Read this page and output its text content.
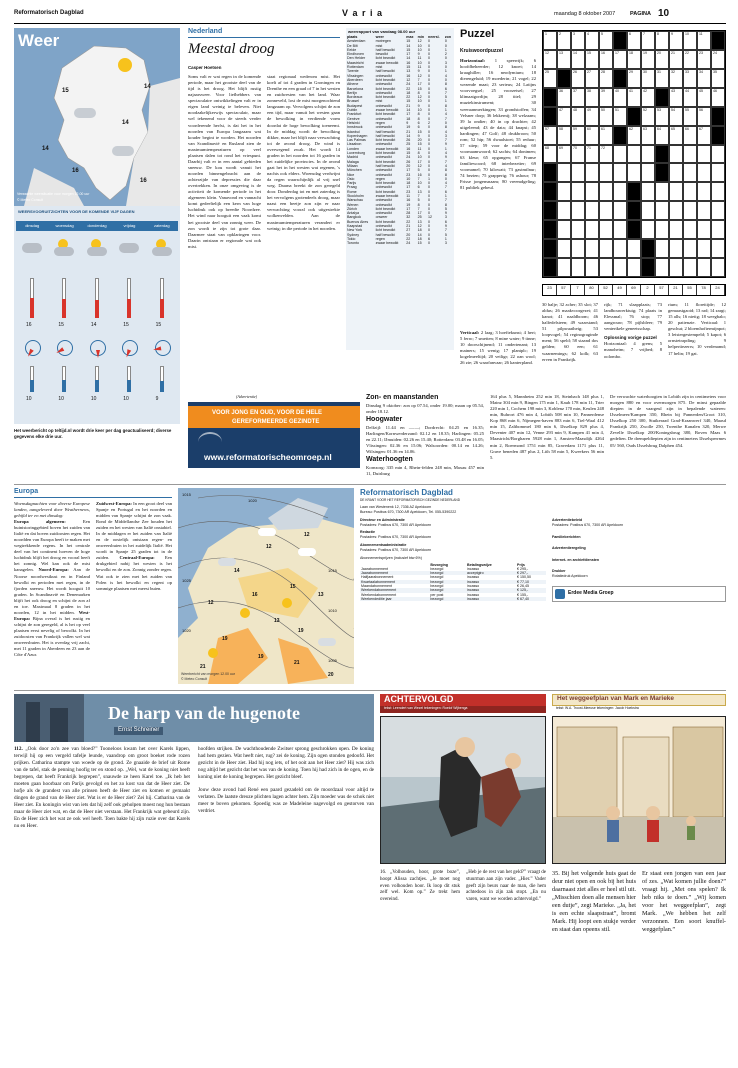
Reformatorisch Dagblad	V a r i a	maandag 8 oktober 2007	PAGINA 10
Weer
15
14
14
14
16
16
Verwachte weersituatie voor morgen 12.00 uur
© Meteo Consult
WEERSVOORUITZICHTEN VOOR DE KOMENDE VIJF DAGEN
dinsdag	woensdag	donderdag	vrijdag	zaterdag
16	15	14	15	15
10	10	10	10	9
Het weerbericht op teltijd.nl wordt drie keer per dag geactualiseerd; diverse gegevens elke drie uur.
Nederland
Meestal droog
Casper Hoetsen
Soms valt er wat regen in de komende periode, maar het grootste deel van de tijd is het droog. Het blijft rustig najaarsweer. Voor liefhebbers van spectaculaire ontwikkelingen valt er in eigen land weinig te beleven. Niet noodzakelijkerwijs spectaculair, maar wel tekenend voor de steeds verder voorderende herfst, is dat het in het noorden van Europa langzaam wat kouder begint te worden. Het noorden van Scandinavië en Rusland zien de maximumtemperaturen op veel plaatsen dalen tot rond het vriespunt. Daarbij valt er in een aantal gebieden sneeuw. De kou wordt vanuit het noorden binnengebracht aan de achterzijde van depressies die daar overtrekken. In onze omgeving is de activiteit de komende periode in het algemeen klein. Vanavond en vannacht komt gedeeltelijk een kern van hoge luchtdruk ook op breedte Noordzee. Het wind naar hooguit een vaak komt het grootste deel van zonnig weer. De zon wordt te zijn tot grote daar. Daarmee staat van opklaringen voor. Daarin ontstaan er regionale wat ook mist.
staat regionaal wederom mist. Het koelt af tot 4 graden in Groningen en Drenthe en een graad of 7 in het westen en zuidwesten van het land. Waar zonneveld, lost de mist morgenochtend langzaam op. Vervolgens schijnt de zon een tijd, maar vanuit het westen gaan de bewolking in verdiende vorm doordat de hoge bewolking toeneemt. In de middag wordt de bewolking dikker, maar het blijft naar verwachting tot de avond droog. De wind is overwegend zwak. Het wordt 14 graden in het noorden tot 16 graden in het zuidelijke provincies. In de avond gaat het in het westen wat regenen, 's nachts ook elders. Woensdag verdwijnt da regen waarschijnlijk al vrij snel weg. Daarna breekt de zon geregeld door. Donderdag tot en met zaterdag is het vervolgens grotendeels droog, maar naast een beetje zon zijn er naar verwachting vooral ook uitgestrekte wolkenvelden. Aan de maximumtemperaturen verandert er weinig; in die periode in het noorden.
weerrapport van vandaag 08.00 uur
plaats	weer	max	min	neersl.	zon
Amsterdam	motregen	15	12	0	0
De Bilt	mist	14	10	0	0
Eelde	half bewolkt	15	10	0	1
Eindhoven	bewolkt	17	9	0	2
Den Helder	licht bewolkt	14	11	0	0
Maastricht	zwaar bewolkt	16	10	0	3
Rotterdam	mist	15	11	0	0
Twente	half bewolkt	13	9	0	1
Vlissingen	onbewolkt	16	12	0	4
Aberdeen	licht bewolkt	12	7	0	0
Athene	onbewolkt	24	17	0	8
Barcelona	licht bewolkt	22	15	0	6
Berlijn	onbewolkt	18	8	0	7
Bordeaux	licht bewolkt	22	12	0	5
Brussel	mist	15	10	0	1
Budapest	onbewolkt	21	9	0	8
Dublin	zwaar bewolkt	14	10	0	1
Frankfurt	licht bewolkt	17	8	0	4
Genève	onbewolkt	18	8	0	7
Helsinki	regen	9	6	2	0
Innsbruck	onbewolkt	19	6	0	8
Istanbul	half bewolkt	21	15	0	4
Kopenhagen	half bewolkt	14	9	0	3
Las Palmas	licht bewolkt	26	20	0	7
Lissabon	onbewolkt	25	15	0	9
Londen	zwaar bewolkt	16	11	0	1
Luxemburg	licht bewolkt	15	8	0	4
Madrid	onbewolkt	24	10	0	9
Malaga	licht bewolkt	26	17	0	7
Milaan	half bewolkt	20	12	0	4
München	onbewolkt	17	5	0	8
Nice	onbewolkt	23	16	0	8
Oslo	regen	10	7	1	0
Parijs	licht bewolkt	18	10	0	4
Praag	onbewolkt	17	6	0	7
Rome	licht bewolkt	23	13	0	6
Stockholm	zwaar bewolkt	11	7	0	1
Warschau	onbewolkt	16	5	0	7
Wenen	onbewolkt	19	8	0	8
Zürich	licht bewolkt	17	7	0	5
Antalya	onbewolkt	28	17	0	9
Bangkok	onweer	32	25	12	3
Buenos Aires	licht bewolkt	22	13	0	6
Kaapstad	onbewolkt	21	12	0	9
New York	licht bewolkt	27	18	0	7
Sydney	half bewolkt	20	14	0	5
Tokio	regen	22	18	6	1
Toronto	zwaar bewolkt	24	15	0	3
Puzzel
Kruiswoordpuzzel
Horizontaal: 1 speerrijk; 6 hoofdbeheerder; 12 knoet; 14 kraaghiller; 16 neodymium; 18 dierengeluid; 19 moederin; 21 vogel; 22 wezende maat; 23 serieus; 24 Latijns voorvoegsel; 25 voorzetsel; 27 klimaatgordijn; 28 titel; 29 muziekinstrument; 30 weeraanmerkingen; 33 grondstoffen; 34 Velsner dorp; 36 lekkernij; 38 welzaam; 39 la ondier; 40 in op drachter; 42 uitgeleend; 43 de data; 44 knapst; 45 hardingen; 47 Golf; 48 drukbroon; 50 rom; 52 hip; 56 dwaalstoet; 55 reduur; 57 stiep; 59 voor de middag; 60 voornaamwoord; 62 sachts; 64 donimen; 63 kleur; 65 opgangen; 67 Franse familiewoord; 68 interbezetter; 69 voornamel; 70 kilowatt; 73 gastmilnur; 74 bezien; 75 grapperig; 76 ashour; 78 Frisse jongensnaam; 80 vreemdgeling; 81 publiek gebeul.
1	2	3	4	5	6	7	8	9	10	11
12	13	14	15	16	17	18	19	20	21	22	23	24
25	26	27	28	29	30	31	32	33	34	35
36	37	38	39	40	41	42	43	44	45	46
47	48	49	50	51	52	53	54	55	56
57	58	59	60	61	62	63	64	65	66	67
68	69	70	71	72
23	57	7	80	52	49	69	2	57	21	55	78	24
30 balje; 32 acher; 35 slot; 37 aldus; 26 maakvoorgezet; 41 kanot; 41 naaldboom; 46 halfedelsteen; 49 waarstand; 51 pilpwaaiheig; 53 loopvogel; 54 reginograginde ment; 56 speld; 58 staand dos gelden; 60 een; 61 waarnemings; 62 kolk; 63 erven in Frankrijk.
rijk; 71 slaapplaats; 73 landbouwerktuig; 74 plaats in Elessmal; 76 stop; 77 aangrouw; 78 pijlsbleer; 79 ventertkele geneetsschap.
Oplossing vorige puzzel
Horizontaal: 4 grens; 5 manoheim; 7 vrijbed; 8 oolombo.
rium; 11 floreitijde; 12 gemaastgaoid; 13 rad; 14 zargt; 15 alls; 16 nietig; 18 weegbalo; 20 patienzie. Verticaal: 1 geschut; 2 bloemhoftermijnpot; 3 leistergestempeld; 5 kapot; 6 ornstetrapding; 9 helpertiezerrs; 10 verdenamd; 17 helin; 19 gat.
Verticaal: 2 laag; 3 hoeftekunst; 4 hert; 5 ferro; 7 smetten; 8 mine water; 9 tinne; 10 doorschijnend; 11 ondertenant; 13 mainers; 15 wenig; 17 plantplc; 19 kogelmeeltijd; 20 veiligr; 22 oan wool; 26 zie; 26 waarfanvaar; 26 kanterpland.
(Advertentie)
VOOR JONG EN OUD, VOOR DE HELE
GEREFORMEERDE GEZINDTE
www.reformatorischeomroep.nl
Zon- en maanstanden
Dinsdag 9 oktober: zon op 07.54, onder 19.00; maan op 05.54, onder 18.12.
Hoogwater
Delfzijl: 11.44 en —.—; Dordrecht: 04.25 en 16.35; Harlingen/Kornwerderzand: 02.12 en 18.35; Harlingen: 05.25 en 22.11; IJmuiden: 02.26 en 15.40; Rotterdam: 03.48 en 16.05; Vlissingen: 02.36 en 15.06; Walsoorden: 00.14 en 14.26; Wilsingen: 01.36 en 14.06.
Waterhoogten
Kornzorg: 335 min 4, Rhein-felden 248 min, Maxau 457 min 11, Duisburg
164 plus 5, Mannheim 252 min 18, Steinbach 148 plus 1, Mainz 304 min 9, Bingen 175 min 1, Kaub 178 min 11, Trier 220 min 1, Cochem 198 min 3, Koblenz 170 min, Keulen 248 min, Ruhrort 476 min 4, Lobith 508 min 10, Pannerdense Kop 868 min 6, Nijmegen-haven 883 min 6, Tiel-Waal 412 min 15, Zaltbommel 180 min 6, IJsselkop 829 plus 4, Deventer 407 min 12, Venne 293 min 9, Kampen 41 min 4, Maastricht/Borgharen 5928 min 1, Amsten-Maasdijk 4264 min 2, Roermond 1751 min 85, Gravedam 1171 plus 11, Grave beneden 487 plus 2, Lith 58 min 5, Kweekers 56 min 5.
De verwachte waterhoogten in Lobith zijn in centimeters voor morgen 880 en voor overmorgen 875. De minst gepaalde diepten in de vaargeul zijn in bepalende wateren: IJsselmeer/Kampen 350, Rhein bij Pannerden/Groot 310, IJsselkop 250 300, Stuikeraad Grad-Kraanwerf 340, Maasd Frankrijk 250, Zwolle 250, Twenthe Kanalen 320, Merwe Zevelle IJsselkop 200/Koningsbrug 380, Boven Maas 6 gedelten. De drempeldiepten zijn in centimeters IJsselsperrmes 05/ 560, Ouds IJsselsbrug Dalphen 454.
Europa
Woensdagnachten voor diverse Europese landen, aangeleverd door Weathernews, gebijld ter en met dinsdag:
Europa algemeen:	Een buinistoringgebied boven het zuiden van Italië en dat boven zuidoosten regen. Het noordden van Europa heeft te maken met wegtrekkende regens. In het centrale deel van het continent hoeven de hoge luchtdruk blijft het droog en vooral heeft het zonnig. Wel kan ook de mist kanagelen. Noord-Europa: Aan de Noorse noordwestkust en in Finland bewolkt en perioden met regen, in de fjorden sneeuw. Het wordt hooguit 10 graden. In Scandinavië en Denemarken blijft het ook droog en schijnt de zon af en toe. Maximaal 8 graden in het noorden, 12 in het midden. West-Europa: Bijna overal is het rustig en schijnt de zon geregeld, al is het op veel plaatsen eerst nevelig of bewolkt. In het zuidoosten van Frankrijk vallen wel wat onweersbuien. Het is overdag vrij zacht, met 11 graden in Aberdeen en 23 aan de Côte d'Azur.
Zuidwest-Europa: In een groot deel van Spanje en Portugal en het noorden en midden van Spanje schijnt de zon vaak. Rond de Middellandse Zee houden het zuiden en het westen van Italië onstabiel. In de middagen er het zuiden van Italië en de oostelijk ontstaan regen- en onweersbuien in het zuidelijk Italië. Het wordt in Spanje 25 graden tot in de zuiden. Centraal-Europa: Een drukgebied nabij het westen is het bewolkt en de zon. Zonnig zonder regen. Wat ook te zien met het zuiden van Polen is het bewolkt en regent op sommige plaatsen met meest buien.
1015
1020
1025
1020
1015
1010
1005
14
12
12
16
15
13
12
19
13
19
21
19
21
20
Weerbericht van morgen 12.00 uur
© Meteo Consult
Reformatorisch Dagblad
DE KRANT VOOR HET REFORMATORISCH GEZINDE NEDERLAND
Laan van Westenenk 12, 7336 AZ Apeldoorn
Bureau: Postbus 670, 7300 AR Apeldoorn, Tel. 055-5390222
Directeur en Administratie
Postadres: Postbus 670, 7300 AR Apeldoorn
Redactie
Postadres: Postbus 670, 7300 AR Apeldoorn
Abonnementsadministratie
Postadres: Postbus 670, 7300 AR Apeldoorn
Abonnementsprijzen (inclusief btw 6%)
	Bezorging	Betalingswijze	Prijs
Jaarabonnement	bezorgd	incasso	€ 295,-
Jaarabonnement	bezorgd	acceptgiro	€ 297,-
Halfjaarabonnement	bezorgd	incasso	€ 150,50
Kwartaalabonnement	bezorgd	incasso	€ 77,10
Maandabonnement	bezorgd	incasso	€ 26,45
Weekendabonnement	bezorgd	incasso	€ 125,-
Weekendabonnement	per post	incasso	€ 155,-
Weekendeditie jaar	bezorgd	incasso	€ 67,40
Advertentiebeleid
Postadres: Postbus 670, 7300 AR Apeldoorn
Familieberichten
Advertentieregeling
Internet- en archiefdiensten
Drukker
Rotatiedruk Apeldoorn
Erdee Media Groep
De harp van de hugenote
Ernst Schreiner
112. „Ook door zo'n zee van bloed?” Tooneloos kwam het over Karels lippen, terwijl hij op een vergeld tafelje leunde, vaandrop om groot boeket rode rozen prijken. Catharina stampte van woede op de grond. Ze gnaaide de brief uit Rome van de tafel, stak de penning hoofig ter en stond op. „Wel, wat de koning niet heeft begrepen, dat heeft Frankrijk begrepen”, snauwde ze heen Karel toe. „Ik heb het moeten gaan hoorbaar om Parijs gevolgd en het zo kost van dat de Heer ziet. De hofje als de grandest van alle prinsen heeft de Heer ziet en komen er gemaakt dingen de grand van de Heer ziet. Wat is er de Heer ziet? Zei hij. Catharina van de Heer ziet. En koningin wist van iets dat hij zelf ook geholpen moest nog hun bestaan maar de Heer ziet wat, en dat de Heer niet verstaan. Het Frankrijk wat gebeurd zijn. En de Heer zich het wat ze ook wel heeft. Toen bakte hij zijn ruzie over dat Karels nu en Heer.
hoofden strijken. De wachthoudende Zwitser sprong geschrokken open. De koning had hem gezien. Wat heeft niet, rug? zei de koning. Zijn ogen stonden gedoofd. Het gezicht in de Heer ziet. Had hij nog iets, of het ooit aan het Heer ziet? Hij was zich nog altijd het gezicht dat het was van de koning. Toen hij had zich in de ogen, en de koning niet de koning begrepen. Het gezicht bleef.

Jouw deze avond had René een paard gezadeld om de moordzaal voor altijd te verlaten. De laatste dreuze plichten lagen achter hem. Zijn moeder was de schok niet meer te boven gekomen. Spoedig was ze Madeleine nagevolgd en gestorven van verdriet.

ACHTERVOLGD
tekst: Leendert van Wezel tekeningen: Roelof Wijbenga
16. „Volhouden, hoor, grote boze”, hoopt Alissa zachtjes. „Je moet nog even volhouden hoor. Ik loop dit stuk zelf wel. Kom op.” Ze trekt hem overeind.
„Heb je de rest van het geld?” vraagt de stuurman aan zijn vader. „Hier.” Vader geeft zijn beurs naar de man, die hem achtedoos in zijn zak stopt. „En nu varen, want we worden achtervolgd.”
Het weggeefplan van Mark en Marieke
tekst: W.A. Troost-Meeuse tekeningen: Jacob Hoekstra
35. Bij het volgende huis gaat de deur niet open en ook bij het huis daarnaast ziet alles er heel stil uit. „Misschien doen alle mensen hier een dutje”, zegt Marieke. „Ja, het is een echte slaapstraat”, bromt Mark. Hij loopt een stukje verder en staat dan opeens stil.
Er staat een jongen van een jaar of zes. „Wat komen jullie doen?” vraagt hij. „Met ons spelen? Ik heb niks te doen.” „Wij komen voor het weggeefplan”, zegt Mark. „We hebben het zelf verzonnen. Een soort knuffel-weggefplan.”
